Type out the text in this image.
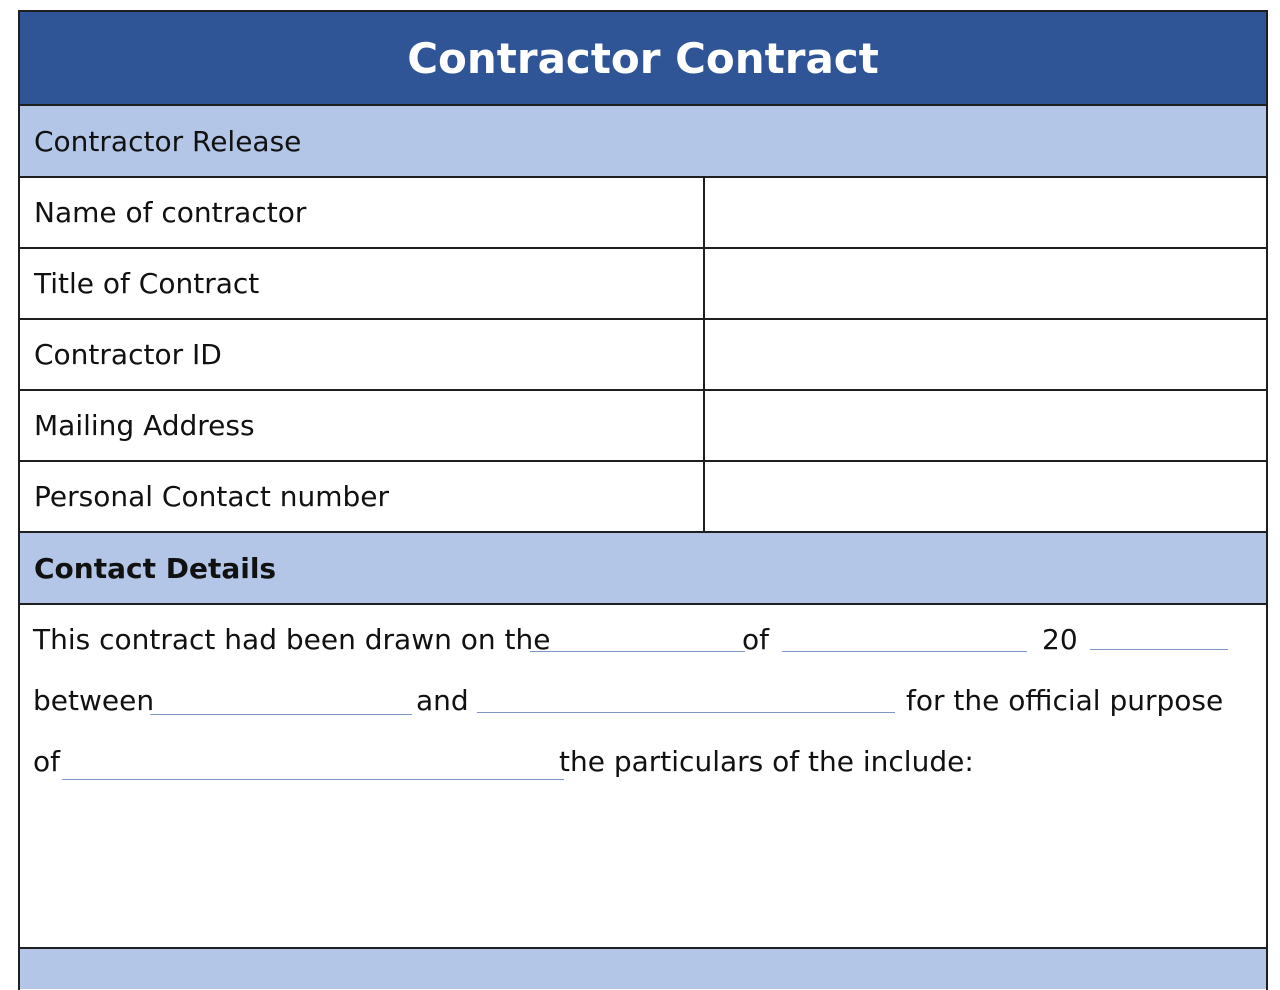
Contractor Contract
Contractor Release
Name of contractor
Title of Contract
Contractor ID
Mailing Address
Personal Contact number
Contact Details
This contract had been drawn on the	of	20
between	and	for the official purpose
of	the particulars of the include:
